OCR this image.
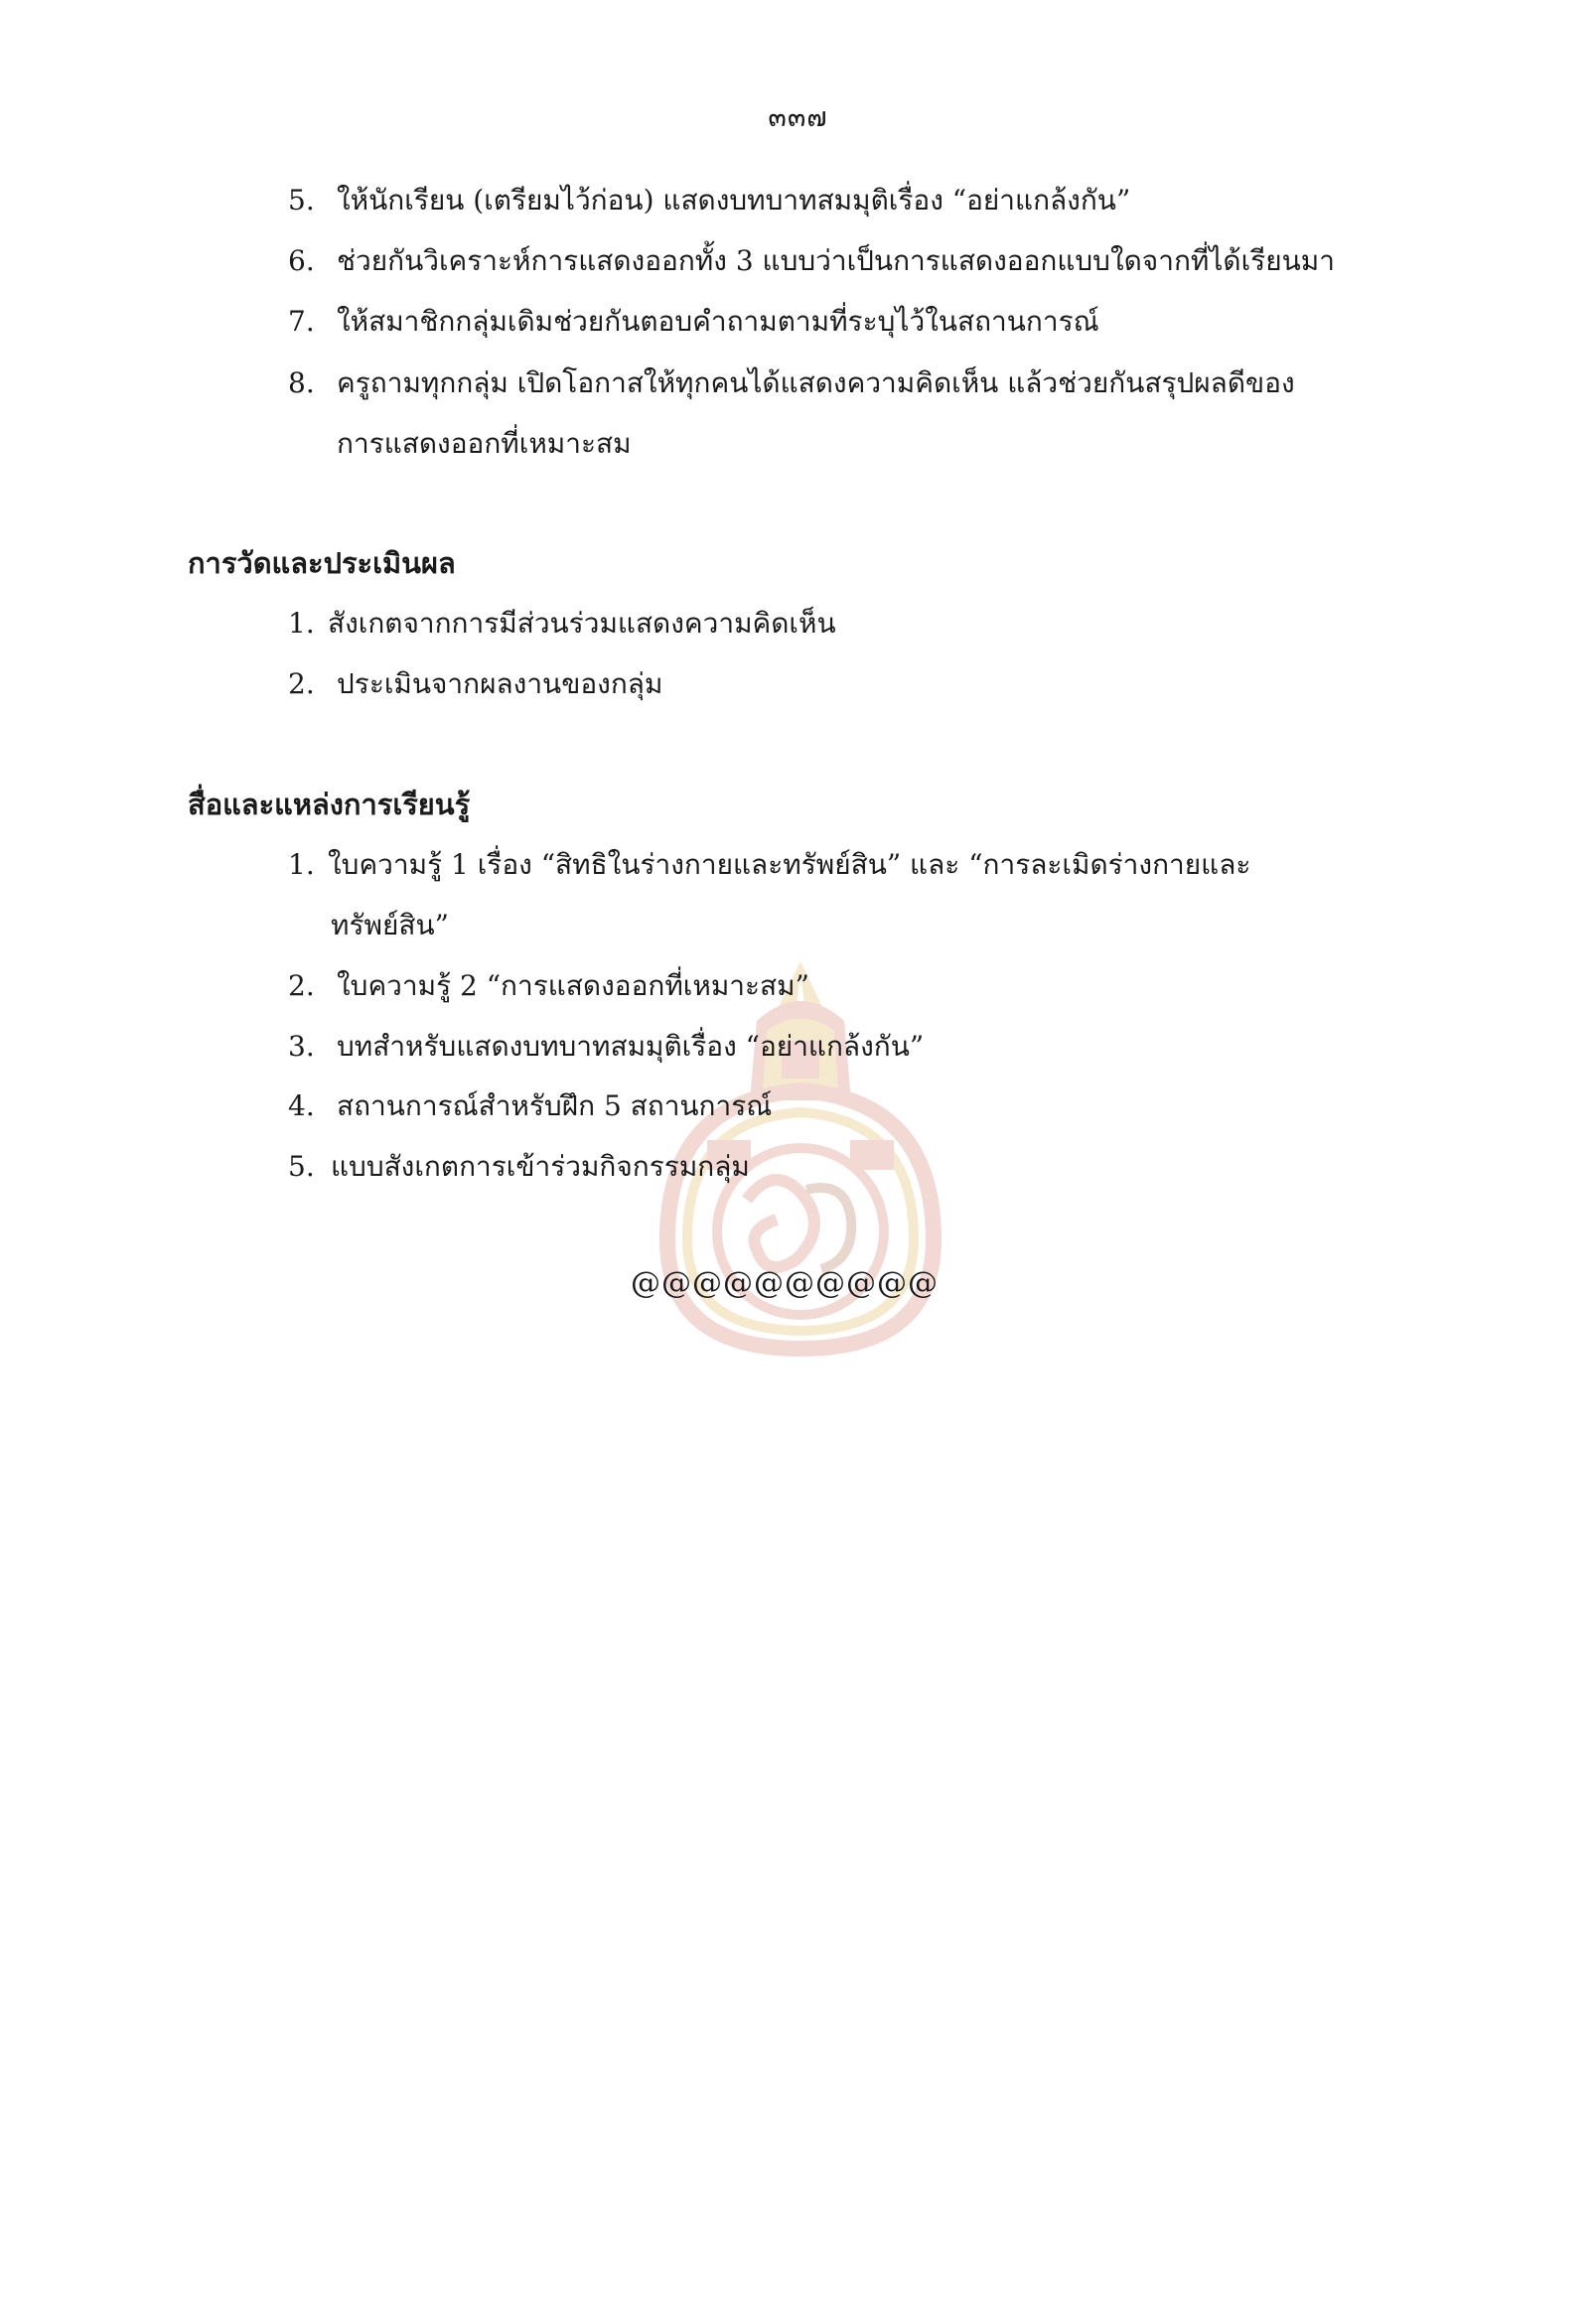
๓๓๗
5. ให้นักเรียน (เตรียมไว้ก่อน) แสดงบทบาทสมมุติเรื่อง “อย่าแกล้งกัน”
6. ช่วยกันวิเคราะห์การแสดงออกทั้ง 3 แบบว่าเป็นการแสดงออกแบบใดจากที่ได้เรียนมา
7. ให้สมาชิกกลุ่มเดิมช่วยกันตอบคำถามตามที่ระบุไว้ในสถานการณ์
8. ครูถามทุกกลุ่ม เปิดโอกาสให้ทุกคนได้แสดงความคิดเห็น แล้วช่วยกันสรุปผลดีของ
การแสดงออกที่เหมาะสม
การวัดและประเมินผล
1. สังเกตจากการมีส่วนร่วมแสดงความคิดเห็น
2. ประเมินจากผลงานของกลุ่ม
สื่อและแหล่งการเรียนรู้
1. ใบความรู้ 1 เรื่อง “สิทธิในร่างกายและทรัพย์สิน” และ “การละเมิดร่างกายและ
ทรัพย์สิน”
2. ใบความรู้ 2 “การแสดงออกที่เหมาะสม”
3. บทสำหรับแสดงบทบาทสมมุติเรื่อง “อย่าแกล้งกัน”
4. สถานการณ์สำหรับฝึก 5 สถานการณ์
5. แบบสังเกตการเข้าร่วมกิจกรรมกลุ่ม
@@@@@@@@@@
